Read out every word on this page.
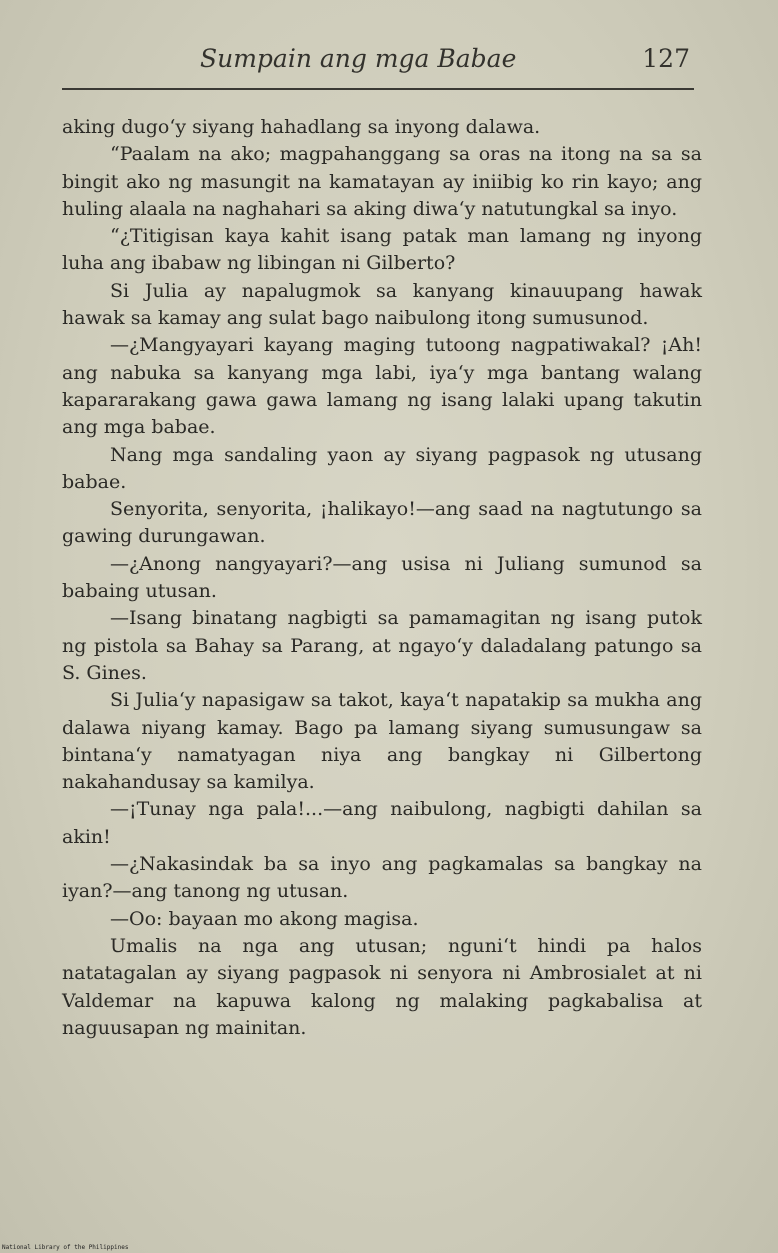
Sumpain ang mga Babae	127

aking dugo‘y siyang hahadlang sa inyong dalawa.

“Paalam na ako; magpahanggang sa oras na itong na sa sa bingit ako ng masungit na kamatayan ay iniibig ko rin kayo; ang huling alaala na naghahari sa aking diwa‘y natutungkal sa inyo.

“¿Titigisan kaya kahit isang patak man lamang ng inyong luha ang ibabaw ng libingan ni Gilberto?

Si Julia ay napalugmok sa kanyang kinauupang hawak hawak sa kamay ang sulat bago naibulong itong sumusunod.

—¿Mangyayari kayang maging tutoong nagpatiwakal? ¡Ah! ang nabuka sa kanyang mga labi, iya‘y mga bantang walang kapararakang gawa gawa lamang ng isang lalaki upang takutin ang mga babae.

Nang mga sandaling yaon ay siyang pagpasok ng utusang babae.

Senyorita, senyorita, ¡halikayo!—ang saad na nagtutungo sa gawing durungawan.

—¿Anong nangyayari?—ang usisa ni Juliang sumunod sa babaing utusan.

—Isang binatang nagbigti sa pamamagitan ng isang putok ng pistola sa Bahay sa Parang, at ngayo‘y daladalang patungo sa S. Gines.

Si Julia‘y napasigaw sa takot, kaya‘t napatakip sa mukha ang dalawa niyang kamay. Bago pa lamang siyang sumusungaw sa bintana‘y namatyagan niya ang bangkay ni Gilbertong nakahandusay sa kamilya.

—¡Tunay nga pala!...—ang naibulong, nagbigti dahilan sa akin!

—¿Nakasindak ba sa inyo ang pagkamalas sa bangkay na iyan?—ang tanong ng utusan.

—Oo: bayaan mo akong magisa.

Umalis na nga ang utusan; nguni‘t hindi pa halos natatagalan ay siyang pagpasok ni senyora ni Ambrosialet at ni Valdemar na kapuwa kalong ng malaking pagkabalisa at naguusapan ng mainitan.

National Library of the Philippines
